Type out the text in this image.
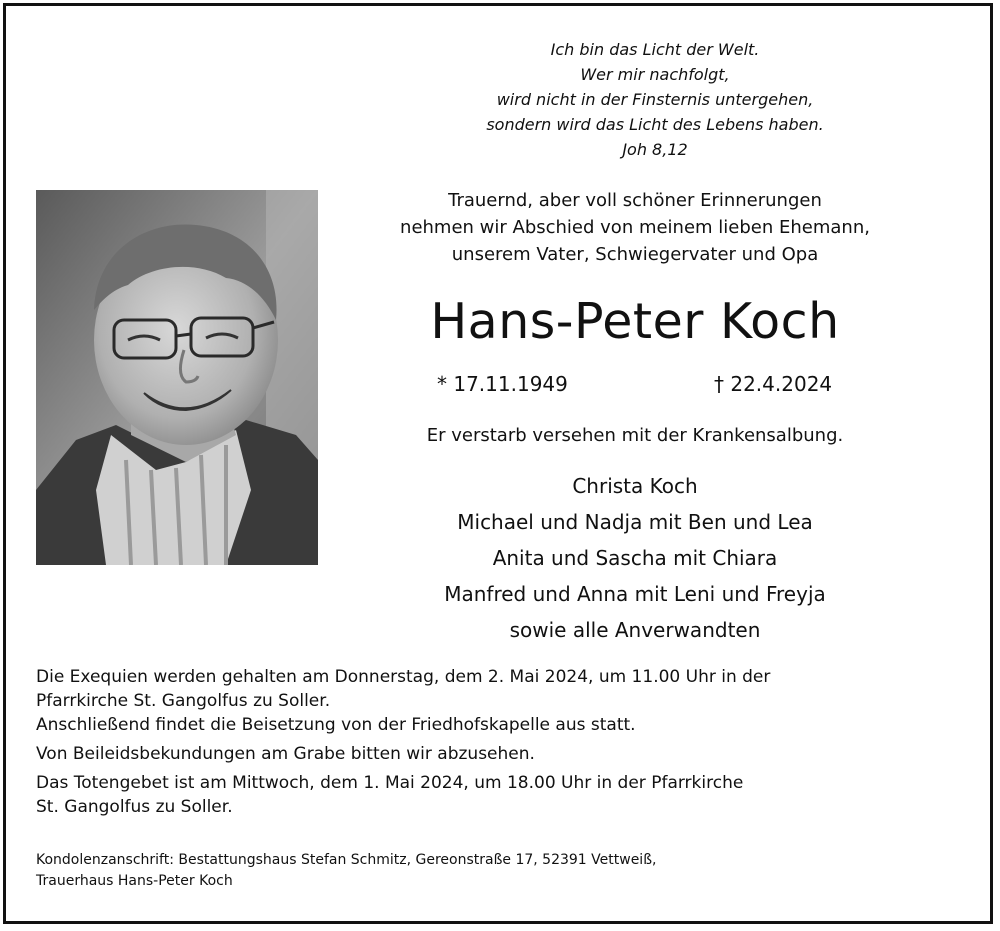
Ich bin das Licht der Welt.
Wer mir nachfolgt,
wird nicht in der Finsternis untergehen,
sondern wird das Licht des Lebens haben.
Joh 8,12
Trauernd, aber voll schöner Erinnerungen
nehmen wir Abschied von meinem lieben Ehemann,
unserem Vater, Schwiegervater und Opa
Hans-Peter Koch
* 17.11.1949	† 22.4.2024
Er verstarb versehen mit der Krankensalbung.
Christa Koch
Michael und Nadja mit Ben und Lea
Anita und Sascha mit Chiara
Manfred und Anna mit Leni und Freyja
sowie alle Anverwandten

Die Exequien werden gehalten am Donnerstag, dem 2. Mai 2024, um 11.00 Uhr in der
Pfarrkirche St. Gangolfus zu Soller.
Anschließend findet die Beisetzung von der Friedhofskapelle aus statt.

Von Beileidsbekundungen am Grabe bitten wir abzusehen.

Das Totengebet ist am Mittwoch, dem 1. Mai 2024, um 18.00 Uhr in der Pfarrkirche
St. Gangolfus zu Soller.

Kondolenzanschrift: Bestattungshaus Stefan Schmitz, Gereonstraße 17, 52391 Vettweiß,
Trauerhaus Hans-Peter Koch
